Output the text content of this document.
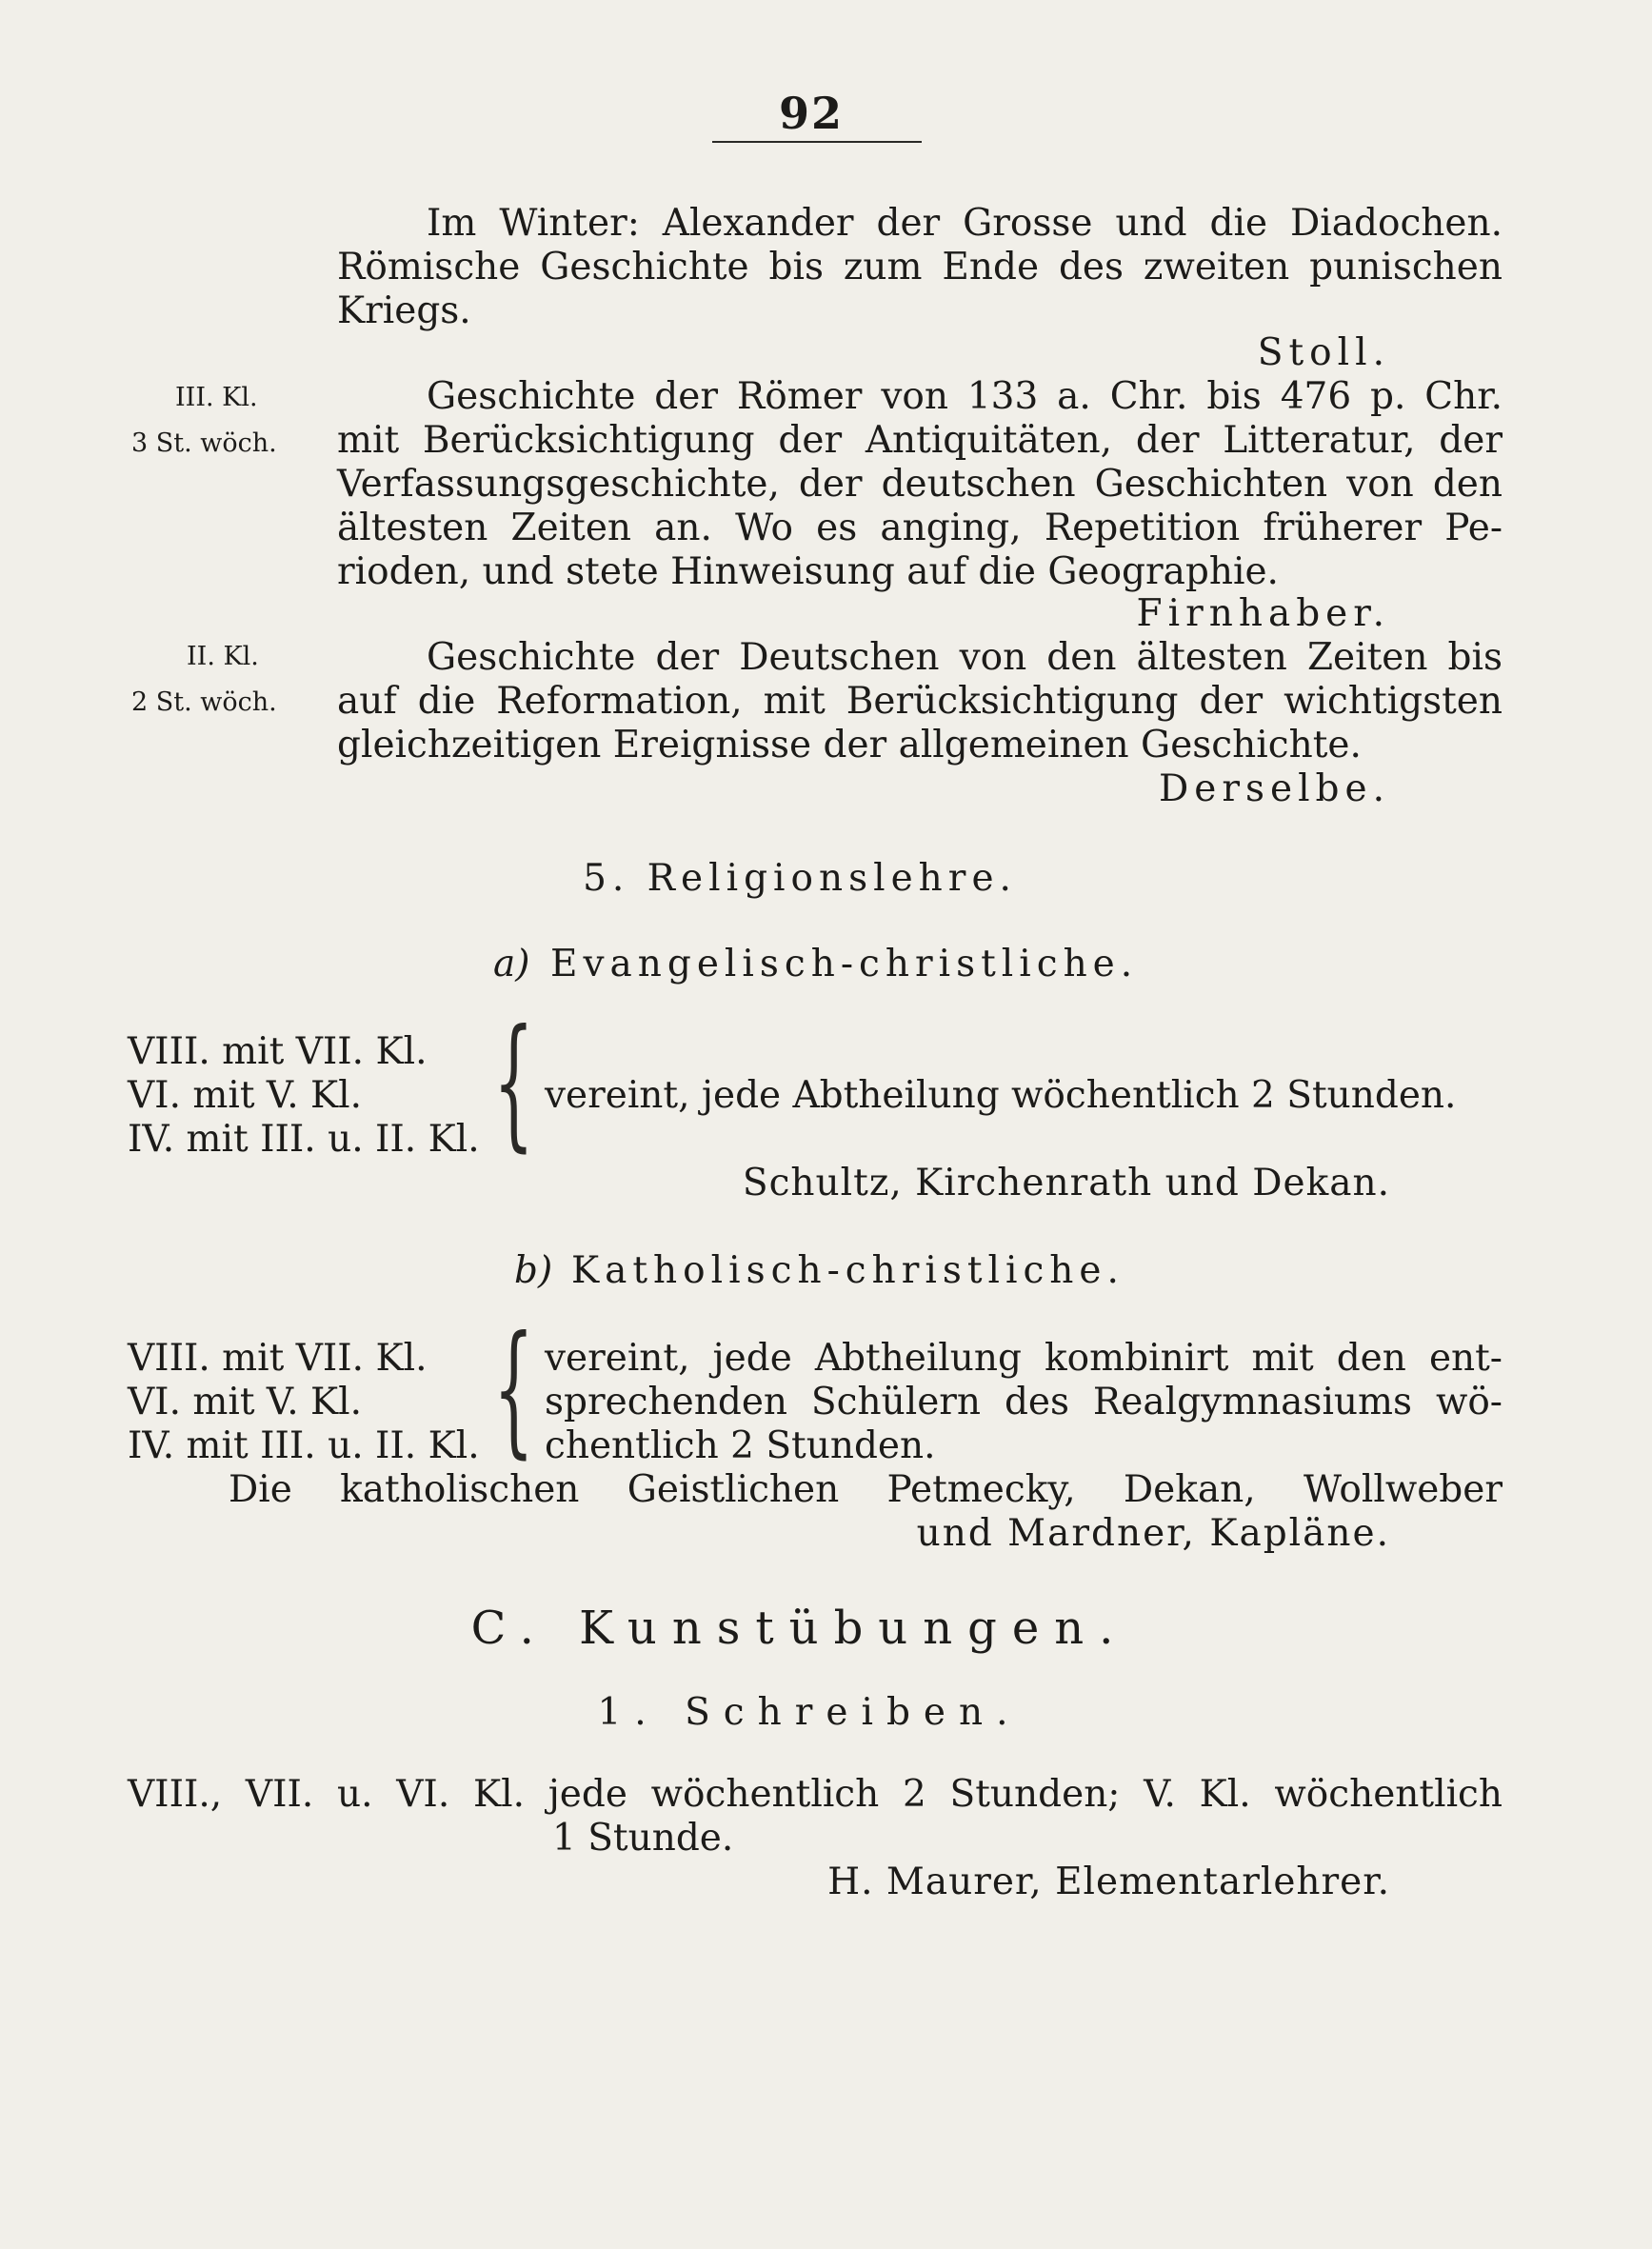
92
Im Winter: Alexander der Grosse und die Diadochen.
Römische Geschichte bis zum Ende des zweiten punischen
Kriegs.
Stoll.
III. Kl.
3 St. wöch.
Geschichte der Römer von 133 a. Chr. bis 476 p. Chr.
mit Berücksichtigung der Antiquitäten, der Litteratur, der
Verfassungsgeschichte, der deutschen Geschichten von den
ältesten Zeiten an. Wo es anging, Repetition früherer Pe-
rioden, und stete Hinweisung auf die Geographie.
Firnhaber.
II. Kl.
2 St. wöch.
Geschichte der Deutschen von den ältesten Zeiten bis
auf die Reformation, mit Berücksichtigung der wichtigsten
gleichzeitigen Ereignisse der allgemeinen Geschichte.
Derselbe.
5. Religionslehre.
a) Evangelisch-christliche.
VIII. mit VII. Kl.
VI. mit V. Kl.
IV. mit III. u. II. Kl. { vereint, jede Abtheilung wöchentlich 2 Stunden.
Schultz, Kirchenrath und Dekan.
b) Katholisch-christliche.
VIII. mit VII. Kl.
VI. mit V. Kl.
IV. mit III. u. II. Kl. { vereint, jede Abtheilung kombinirt mit den ent-
sprechenden Schülern des Realgymnasiums wö-
chentlich 2 Stunden.
Die katholischen Geistlichen Petmecky, Dekan, Wollweber
und Mardner, Kapläne.
C. Kunstübungen.
1. Schreiben.
VIII., VII. u. VI. Kl. jede wöchentlich 2 Stunden; V. Kl. wöchentlich
1 Stunde.
H. Maurer, Elementarlehrer.
